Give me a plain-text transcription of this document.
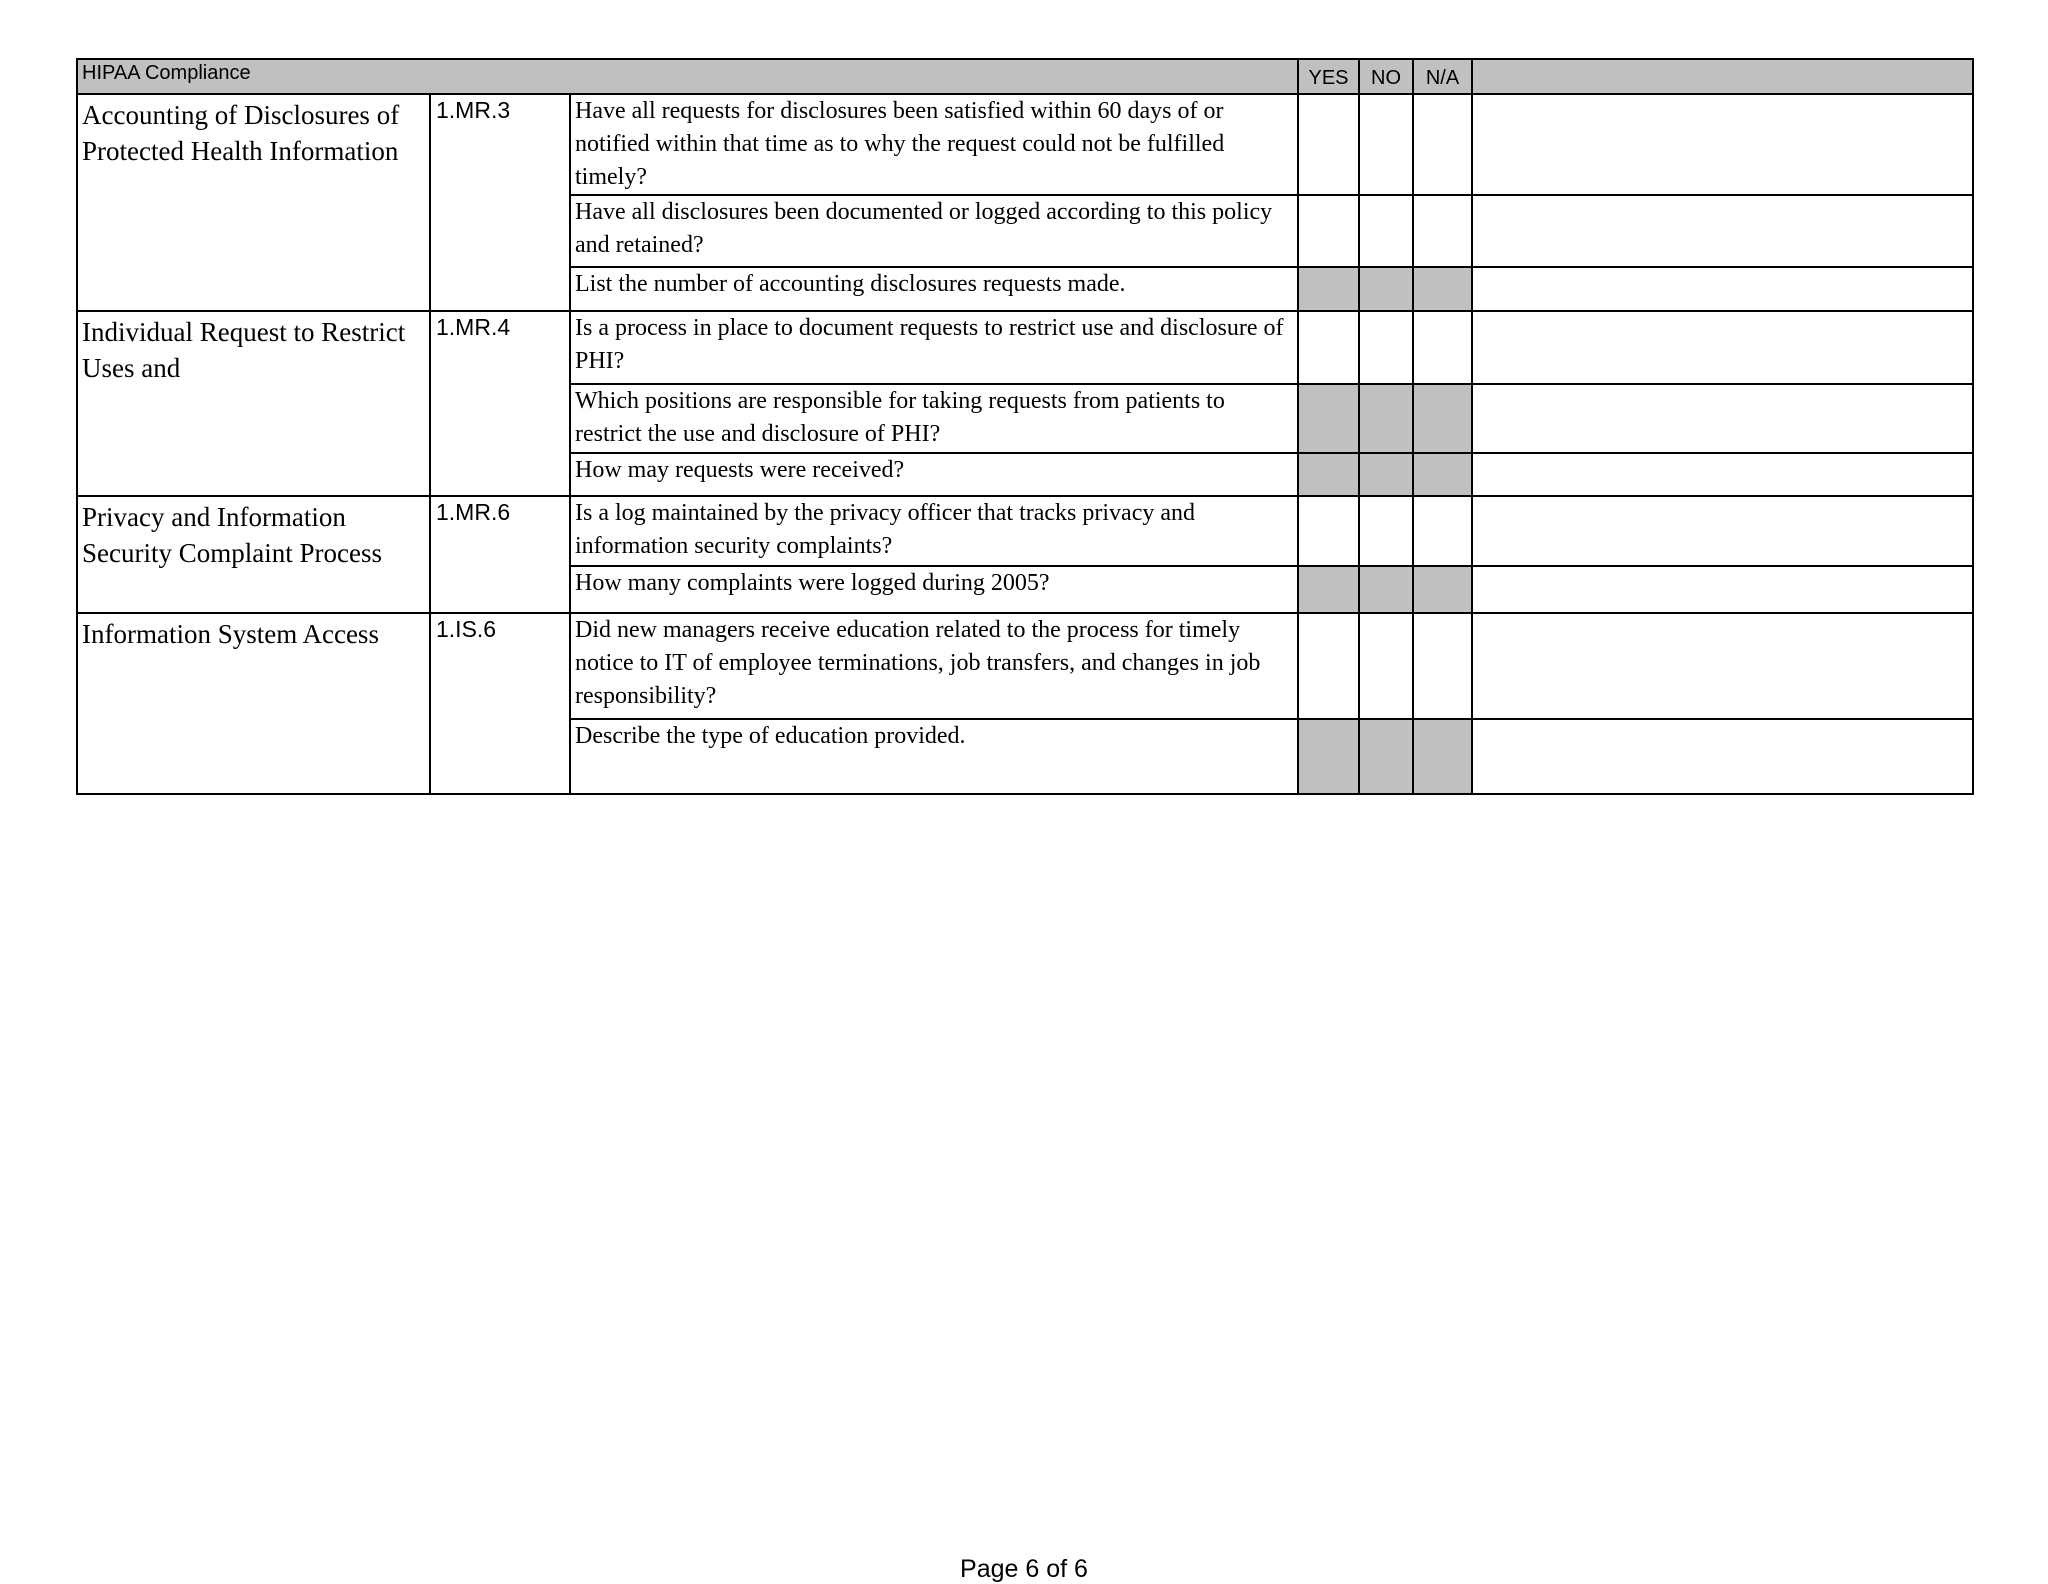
HIPAA Compliance			YES	NO	N/A	
Accounting of Disclosures of Protected Health Information	1.MR.3	Have all requests for disclosures been satisfied within 60 days of or notified within that time as to why the request could not be fulfilled timely?				
		Have all disclosures been documented or logged according to this policy and retained?				
		List the number of accounting disclosures requests made.				
Individual Request to Restrict Uses and	1.MR.4	Is a process in place to document requests to restrict use and disclosure of PHI?				
		Which positions are responsible for taking requests from patients to restrict the use and disclosure of PHI?				
		How may requests were received?				
Privacy and Information Security Complaint Process	1.MR.6	Is a log maintained by the privacy officer that tracks privacy and information security complaints?				
		How many complaints were logged during 2005?				
Information System Access	1.IS.6	Did new managers receive education related to the process for timely notice to IT of employee terminations, job transfers, and changes in job responsibility?				
		Describe the type of education provided.				
Page 6 of 6
